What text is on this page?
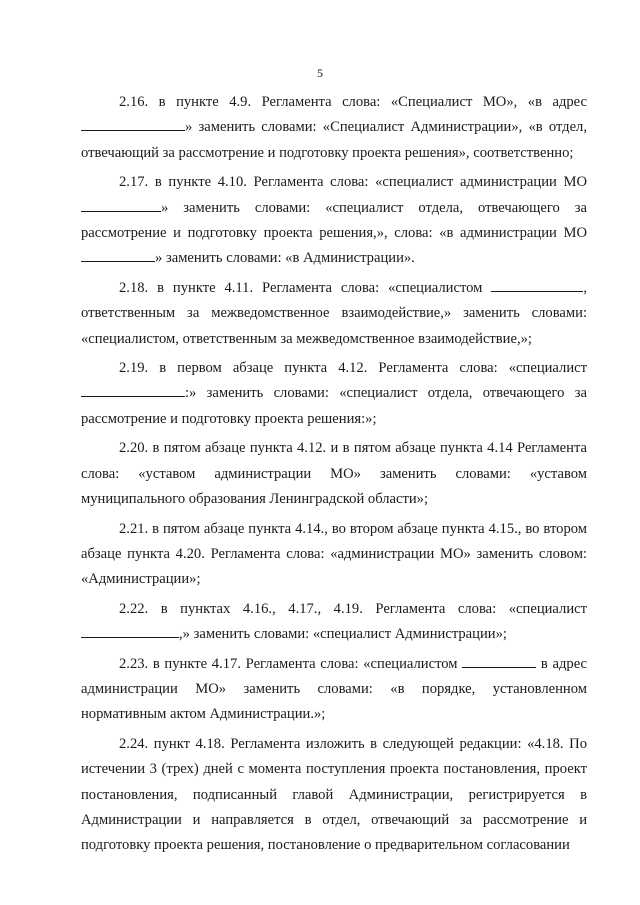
5

2.16. в пункте 4.9. Регламента слова: «Специалист МО», «в адрес » заменить словами: «Специалист Администрации», «в отдел, отвечающий за рассмотрение и подготовку проекта решения», соответственно;

2.17. в пункте 4.10. Регламента слова: «специалист администрации МО» заменить словами: «специалист отдела, отвечающего за рассмотрение и подготовку проекта решения,», слова: «в администрации МО» заменить словами: «в Администрации».

2.18. в пункте 4.11. Регламента слова: «специалистом	, ответственным за межведомственное взаимодействие,» заменить словами: «специалистом, ответственным за межведомственное взаимодействие,»;

2.19. в первом абзаце пункта 4.12. Регламента слова: «специалист :» заменить словами: «специалист отдела, отвечающего за рассмотрение и подготовку проекта решения:»;

2.20. в пятом абзаце пункта 4.12. и в пятом абзаце пункта 4.14 Регламента слова: «уставом администрации МО» заменить словами: «уставом муниципального образования Ленинградской области»;

2.21. в пятом абзаце пункта 4.14., во втором абзаце пункта 4.15., во втором абзаце пункта 4.20. Регламента слова: «администрации МО» заменить словом: «Администрации»;

2.22. в пунктах 4.16., 4.17., 4.19. Регламента слова: «специалист ,» заменить словами: «специалист Администрации»;

2.23. в пункте 4.17. Регламента слова: «специалистом	в адрес администрации МО» заменить словами: «в порядке, установленном нормативным актом Администрации.»;

2.24. пункт 4.18. Регламента изложить в следующей редакции: «4.18. По истечении 3 (трех) дней с момента поступления проекта постановления, проект постановления, подписанный главой Администрации, регистрируется в Администрации и направляется в отдел, отвечающий за рассмотрение и подготовку проекта решения, постановление о предварительном согласовании
